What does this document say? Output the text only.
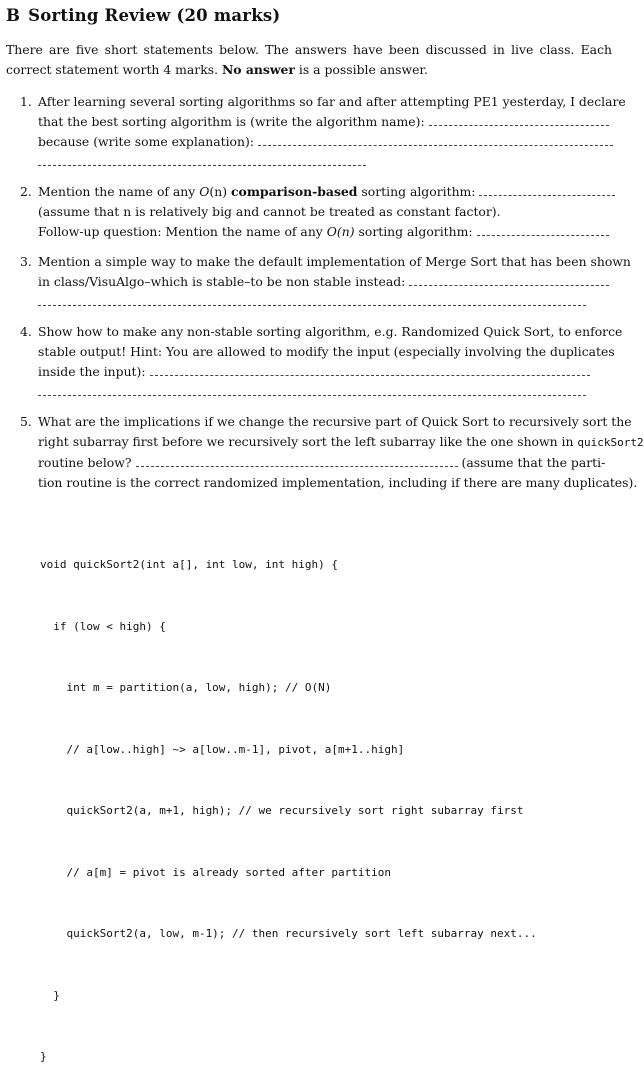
B Sorting Review (20 marks)
There are five short statements below. The answers have been discussed in live class. Each correct statement worth 4 marks. No answer is a possible answer.
1. After learning several sorting algorithms so far and after attempting PE1 yesterday, I declare
that the best sorting algorithm is (write the algorithm name):
because (write some explanation):
2. Mention the name of any O(n) comparison-based sorting algorithm:
(assume that n is relatively big and cannot be treated as constant factor).
Follow-up question: Mention the name of any O(n) sorting algorithm:
3. Mention a simple way to make the default implementation of Merge Sort that has been shown
in class/VisuAlgo–which is stable–to be non stable instead:
4. Show how to make any non-stable sorting algorithm, e.g. Randomized Quick Sort, to enforce
stable output! Hint: You are allowed to modify the input (especially involving the duplicates
inside the input):
5. What are the implications if we change the recursive part of Quick Sort to recursively sort the
right subarray first before we recursively sort the left subarray like the one shown in quickSort2
routine below?	(assume that the parti-
tion routine is the correct randomized implementation, including if there are many duplicates).

void quickSort2(int a[], int low, int high) {

if (low < high) {

int m = partition(a, low, high); // O(N)

// a[low..high] ~> a[low..m-1], pivot, a[m+1..high]

quickSort2(a, m+1, high); // we recursively sort right subarray first

// a[m] = pivot is already sorted after partition

quickSort2(a, low, m-1); // then recursively sort left subarray next...

}

}
